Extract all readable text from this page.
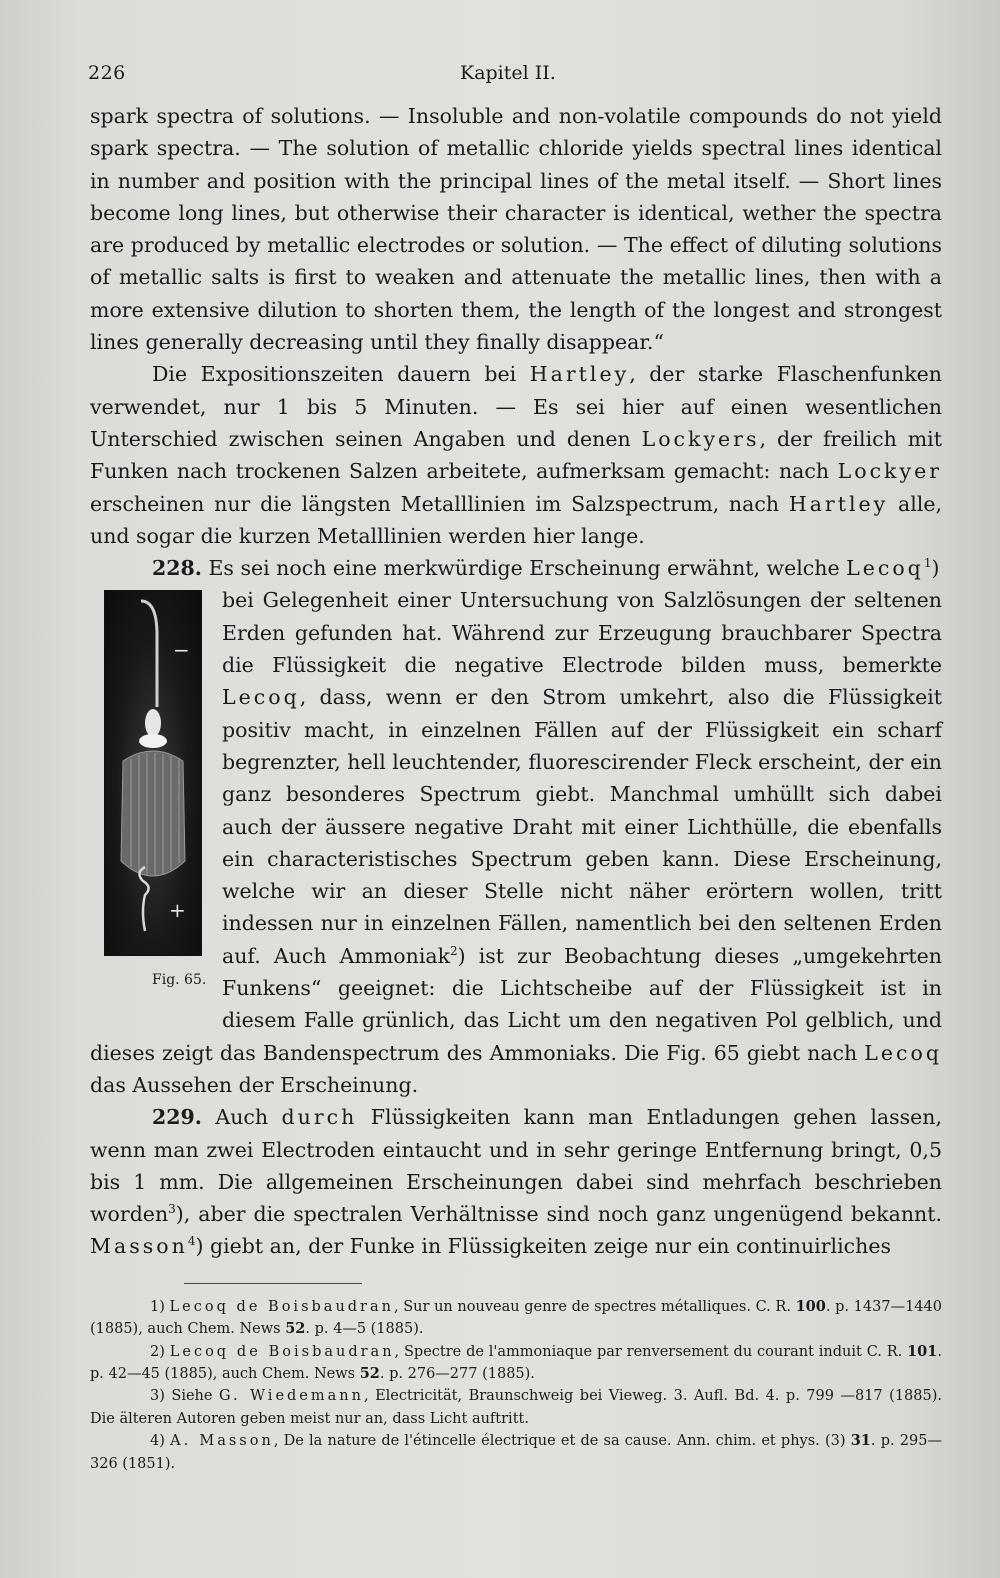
226	Kapitel II.

spark spectra of solutions. — Insoluble and non-volatile compounds do not yield spark spectra. — The solution of metallic chloride yields spectral lines identical in number and position with the principal lines of the metal itself. — Short lines become long lines, but otherwise their character is identical, wether the spectra are produced by metallic electrodes or solution. — The effect of diluting solutions of metallic salts is first to weaken and attenuate the metallic lines, then with a more extensive dilution to shorten them, the length of the longest and strongest lines generally decreasing until they finally disappear.“

Die Expositionszeiten dauern bei Hartley, der starke Flaschenfunken verwendet, nur 1 bis 5 Minuten. — Es sei hier auf einen wesentlichen Unterschied zwischen seinen Angaben und denen Lockyers, der freilich mit Funken nach trockenen Salzen arbeitete, aufmerksam gemacht: nach Lockyer erscheinen nur die längsten Metalllinien im Salzspectrum, nach Hartley alle, und sogar die kurzen Metalllinien werden hier lange.

228. Es sei noch eine merkwürdige Erscheinung erwähnt, welche Lecoq$^1$)

−
+
Fig. 65.
bei Gelegenheit einer Untersuchung von Salzlösungen der seltenen Erden gefunden hat. Während zur Erzeugung brauchbarer Spectra die Flüssigkeit die negative Electrode bilden muss, bemerkte Lecoq, dass, wenn er den Strom umkehrt, also die Flüssigkeit positiv macht, in einzelnen Fällen auf der Flüssigkeit ein scharf begrenzter, hell leuchtender, fluorescirender Fleck erscheint, der ein ganz besonderes Spectrum giebt. Manchmal umhüllt sich dabei auch der äussere negative Draht mit einer Lichthülle, die ebenfalls ein characteristisches Spectrum geben kann. Diese Erscheinung, welche wir an dieser Stelle nicht näher erörtern wollen, tritt indessen nur in einzelnen Fällen, namentlich bei den seltenen Erden auf. Auch Ammoniak$^2$) ist zur Beobachtung dieses „umgekehrten Funkens“ geeignet: die Lichtscheibe auf der Flüssigkeit ist in diesem Falle grünlich, das Licht um den negativen Pol gelblich, und dieses zeigt das Bandenspectrum des Ammoniaks. Die Fig. 65 giebt nach Lecoq das Aussehen der Erscheinung.

229. Auch durch Flüssigkeiten kann man Entladungen gehen lassen, wenn man zwei Electroden eintaucht und in sehr geringe Entfernung bringt, 0,5 bis 1 mm. Die allgemeinen Erscheinungen dabei sind mehrfach beschrieben worden$^3$), aber die spectralen Verhältnisse sind noch ganz ungenügend bekannt. Masson$^4$) giebt an, der Funke in Flüssigkeiten zeige nur ein continuirliches

1) Lecoq de Boisbaudran, Sur un nouveau genre de spectres métalliques. C. R. 100. p. 1437—1440 (1885), auch Chem. News 52. p. 4—5 (1885).

2) Lecoq de Boisbaudran, Spectre de l'ammoniaque par renversement du courant induit C. R. 101. p. 42—45 (1885), auch Chem. News 52. p. 276—277 (1885).

3) Siehe G. Wiedemann, Electricität, Braunschweig bei Vieweg. 3. Aufl. Bd. 4. p. 799 —817 (1885). Die älteren Autoren geben meist nur an, dass Licht auftritt.

4) A. Masson, De la nature de l'étincelle électrique et de sa cause. Ann. chim. et phys. (3) 31. p. 295—326 (1851).
